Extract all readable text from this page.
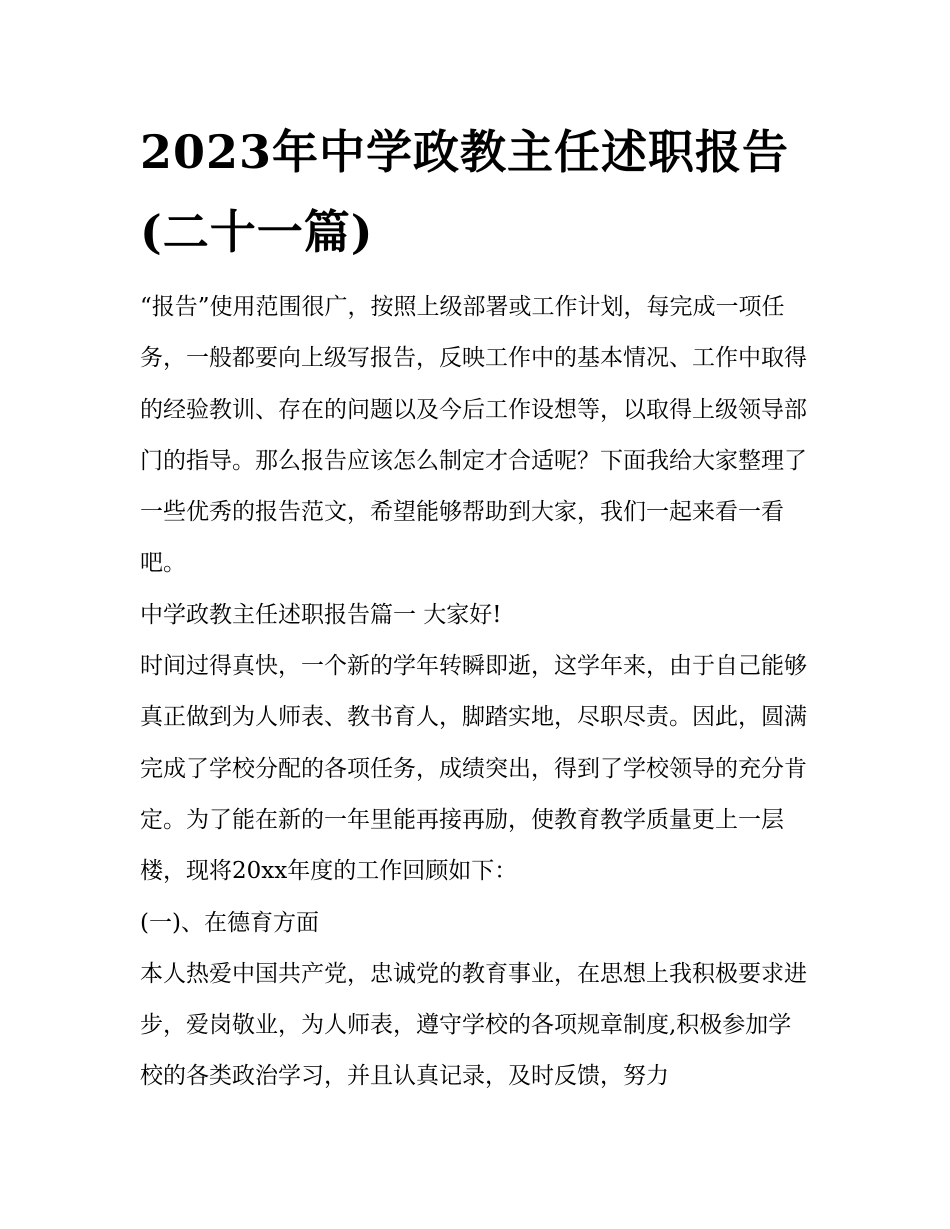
2023年中学政教主任述职报告(二十一篇)

“报告”使用范围很广，按照上级部署或工作计划，每完成一项任务，一般都要向上级写报告，反映工作中的基本情况、工作中取得的经验教训、存在的问题以及今后工作设想等，以取得上级领导部门的指导。那么报告应该怎么制定才合适呢？下面我给大家整理了一些优秀的报告范文，希望能够帮助到大家，我们一起来看一看吧。

中学政教主任述职报告篇一 大家好!

时间过得真快，一个新的学年转瞬即逝，这学年来，由于自己能够真正做到为人师表、教书育人，脚踏实地，尽职尽责。因此，圆满完成了学校分配的各项任务，成绩突出，得到了学校领导的充分肯定。为了能在新的一年里能再接再励，使教育教学质量更上一层楼，现将20xx年度的工作回顾如下：

(一)、在德育方面

本人热爱中国共产党，忠诚党的教育事业，在思想上我积极要求进步，爱岗敬业，为人师表，遵守学校的各项规章制度,积极参加学校的各类政治学习，并且认真记录，及时反馈，努力
